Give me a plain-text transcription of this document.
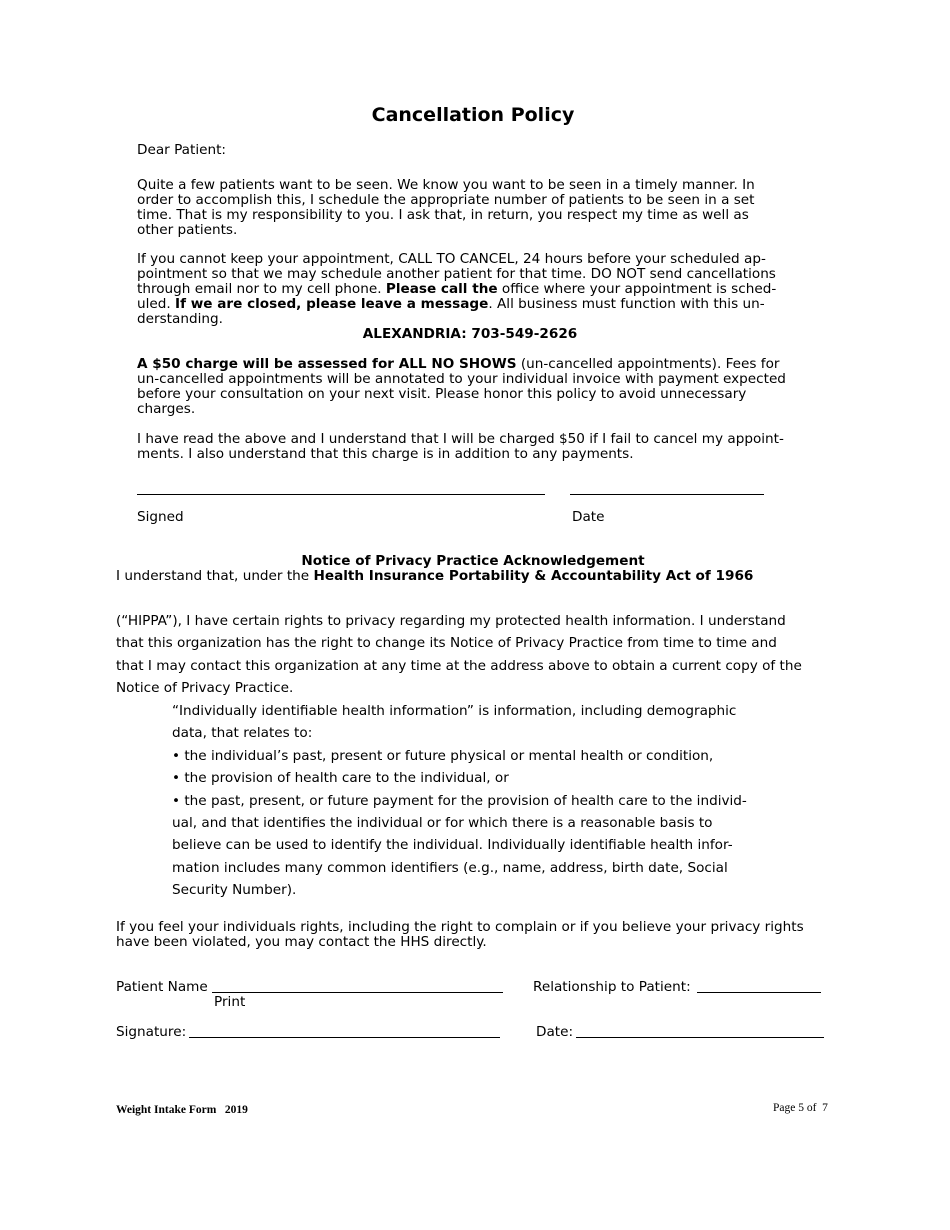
Cancellation Policy
Dear Patient:
Quite a few patients want to be seen. We know you want to be seen in a timely manner. In
order to accomplish this, I schedule the appropriate number of patients to be seen in a set
time. That is my responsibility to you. I ask that, in return, you respect my time as well as
other patients.
If you cannot keep your appointment, CALL TO CANCEL, 24 hours before your scheduled ap-
pointment so that we may schedule another patient for that time. DO NOT send cancellations
through email nor to my cell phone. Please call the office where your appointment is sched-
uled. If we are closed, please leave a message. All business must function with this un-
derstanding.
ALEXANDRIA: 703-549-2626
A $50 charge will be assessed for ALL NO SHOWS (un-cancelled appointments). Fees for
un-cancelled appointments will be annotated to your individual invoice with payment expected
before your consultation on your next visit. Please honor this policy to avoid unnecessary
charges.
I have read the above and I understand that I will be charged $50 if I fail to cancel my appoint-
ments. I also understand that this charge is in addition to any payments.
Signed	Date
Notice of Privacy Practice Acknowledgement
I understand that, under the Health Insurance Portability & Accountability Act of 1966
(“HIPPA”), I have certain rights to privacy regarding my protected health information. I understand
that this organization has the right to change its Notice of Privacy Practice from time to time and
that I may contact this organization at any time at the address above to obtain a current copy of the
Notice of Privacy Practice.
“Individually identifiable health information” is information, including demographic
data, that relates to:
• the individual’s past, present or future physical or mental health or condition,
• the provision of health care to the individual, or
• the past, present, or future payment for the provision of health care to the individ-
ual, and that identifies the individual or for which there is a reasonable basis to
believe can be used to identify the individual. Individually identifiable health infor-
mation includes many common identifiers (e.g., name, address, birth date, Social
Security Number).
If you feel your individuals rights, including the right to complain or if you believe your privacy rights
have been violated, you may contact the HHS directly.
Patient Name
Print
Relationship to Patient:
Signature:	Date:
Weight Intake Form   2019	Page 5 of  7
